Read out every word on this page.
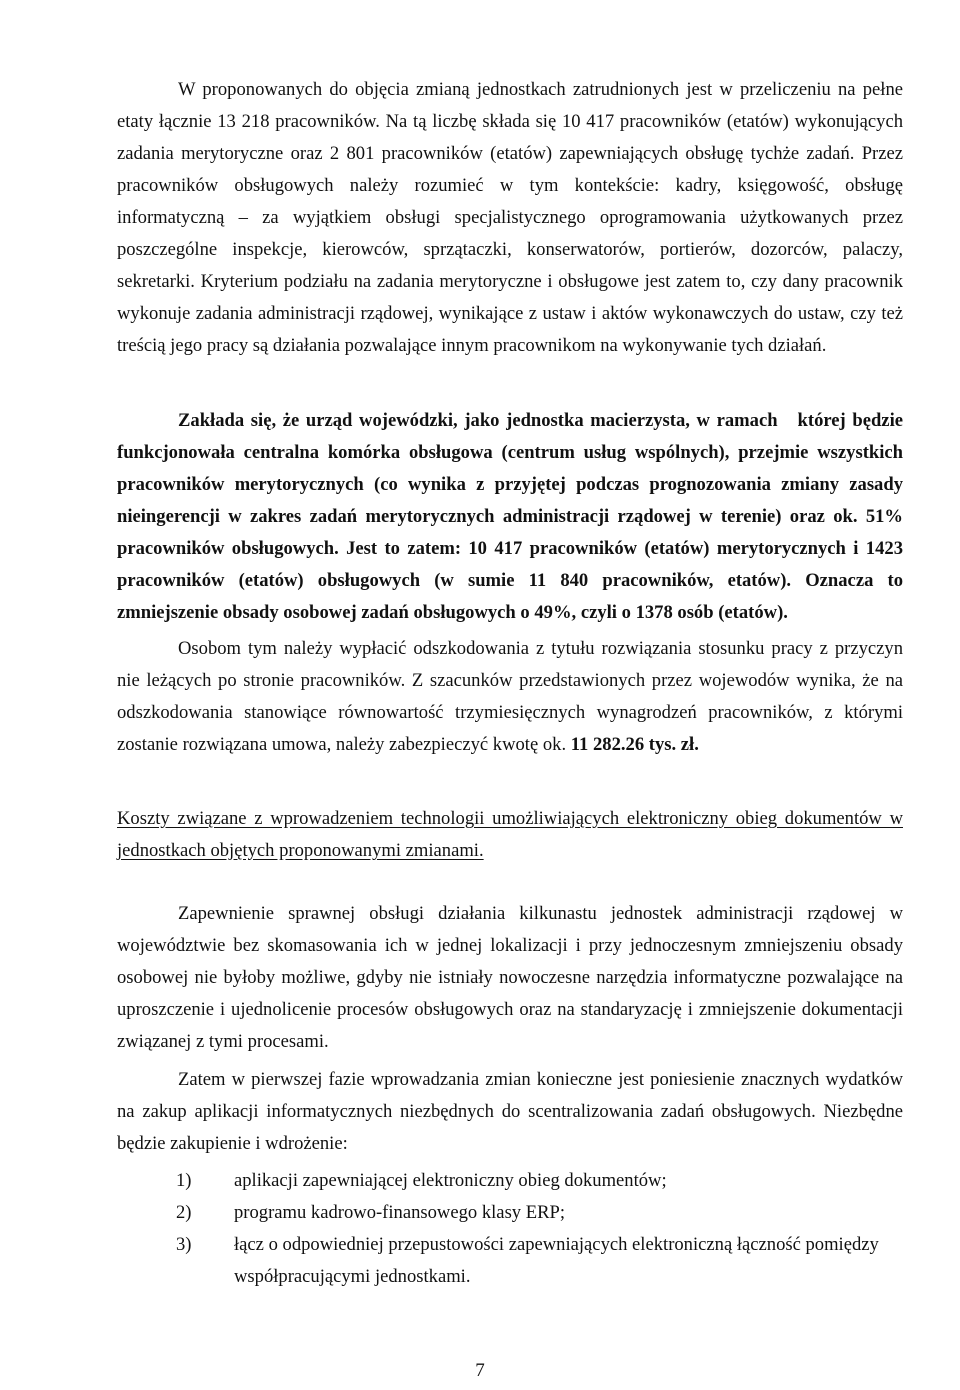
W proponowanych do objęcia zmianą jednostkach zatrudnionych jest w przeliczeniu na pełne etaty łącznie 13 218 pracowników. Na tą liczbę składa się 10 417 pracowników (etatów) wykonujących zadania merytoryczne oraz 2 801 pracowników (etatów) zapewniających obsługę tychże zadań. Przez pracowników obsługowych należy rozumieć w tym kontekście: kadry, księgowość, obsługę informatyczną – za wyjątkiem obsługi specjalistycznego oprogramowania użytkowanych przez poszczególne inspekcje, kierowców, sprzątaczki, konserwatorów, portierów, dozorców, palaczy, sekretarki. Kryterium podziału na zadania merytoryczne i obsługowe jest zatem to, czy dany pracownik wykonuje zadania administracji rządowej, wynikające z ustaw i aktów wykonawczych do ustaw, czy też treścią jego pracy są działania pozwalające innym pracownikom na wykonywanie tych działań.

Zakłada się, że urząd wojewódzki, jako jednostka macierzysta, w ramach której będzie funkcjonowała centralna komórka obsługowa (centrum usług wspólnych), przejmie wszystkich pracowników merytorycznych (co wynika z przyjętej podczas prognozowania zmiany zasady nieingerencji w zakres zadań merytorycznych administracji rządowej w terenie) oraz ok. 51% pracowników obsługowych. Jest to zatem: 10 417 pracowników (etatów) merytorycznych i 1423 pracowników (etatów) obsługowych (w sumie 11 840 pracowników, etatów). Oznacza to zmniejszenie obsady osobowej zadań obsługowych o 49%, czyli o 1378 osób (etatów).

Osobom tym należy wypłacić odszkodowania z tytułu rozwiązania stosunku pracy z przyczyn nie leżących po stronie pracowników. Z szacunków przedstawionych przez wojewodów wynika, że na odszkodowania stanowiące równowartość trzymiesięcznych wynagrodzeń pracowników, z którymi zostanie rozwiązana umowa, należy zabezpieczyć kwotę ok. 11 282.26 tys. zł.

Koszty związane z wprowadzeniem technologii umożliwiających elektroniczny obieg dokumentów w jednostkach objętych proponowanymi zmianami.

Zapewnienie sprawnej obsługi działania kilkunastu jednostek administracji rządowej w województwie bez skomasowania ich w jednej lokalizacji i przy jednoczesnym zmniejszeniu obsady osobowej nie byłoby możliwe, gdyby nie istniały nowoczesne narzędzia informatyczne pozwalające na uproszczenie i ujednolicenie procesów obsługowych oraz na standaryzację i zmniejszenie dokumentacji związanej z tymi procesami.

Zatem w pierwszej fazie wprowadzania zmian konieczne jest poniesienie znacznych wydatków na zakup aplikacji informatycznych niezbędnych do scentralizowania zadań obsługowych. Niezbędne będzie zakupienie i wdrożenie:

1) aplikacji zapewniającej elektroniczny obieg dokumentów;
2) programu kadrowo-finansowego klasy ERP;
3) łącz o odpowiedniej przepustowości zapewniających elektroniczną łączność pomiędzy współpracującymi jednostkami.
7
